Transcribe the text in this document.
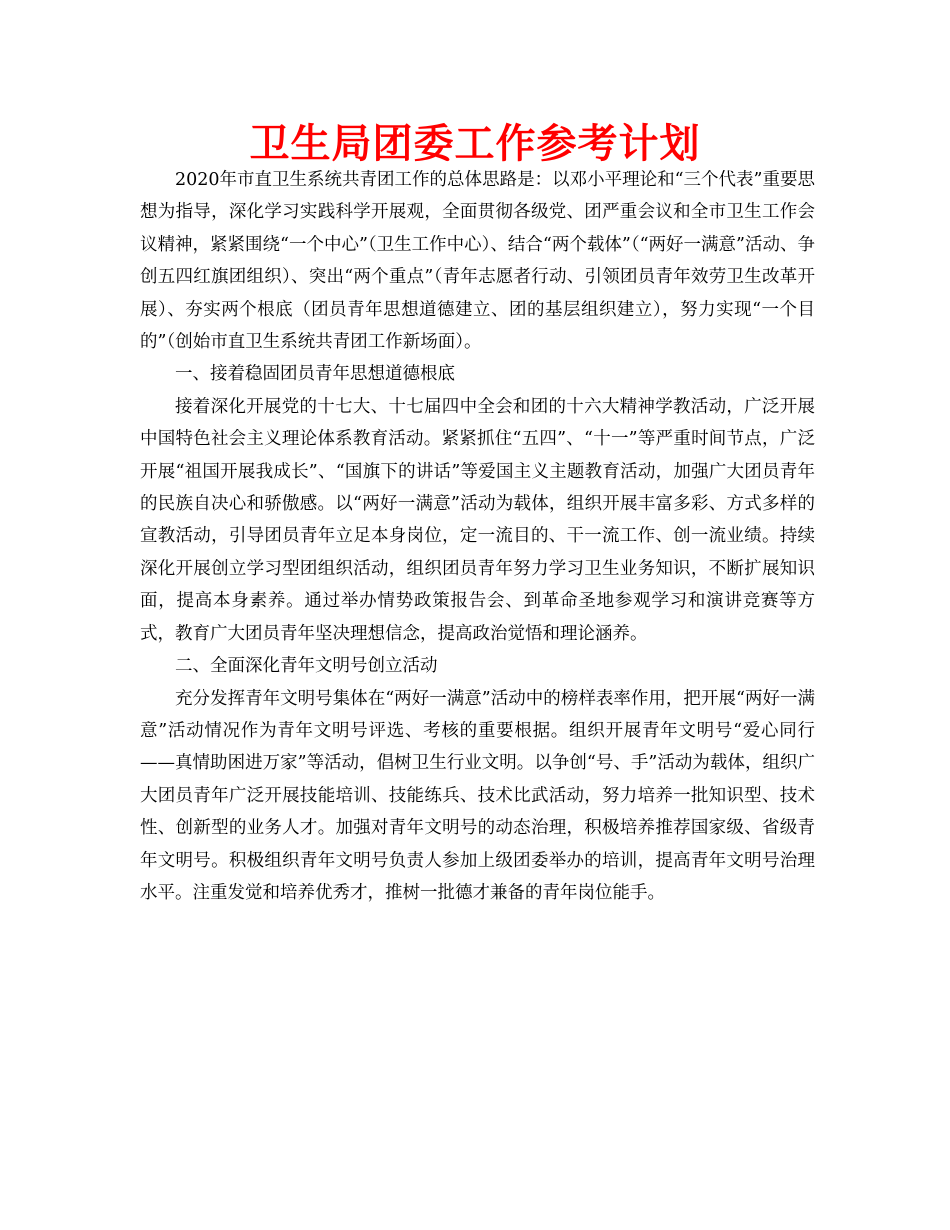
卫生局团委工作参考计划

2020年市直卫生系统共青团工作的总体思路是：以邓小平理论和“三个代表”重要思想为指导，深化学习实践科学开展观，全面贯彻各级党、团严重会议和全市卫生工作会议精神，紧紧围绕“一个中心”（卫生工作中心）、结合“两个载体”（“两好一满意”活动、争创五四红旗团组织）、突出“两个重点”（青年志愿者行动、引领团员青年效劳卫生改革开展）、夯实两个根底（团员青年思想道德建立、团的基层组织建立），努力实现“一个目的”（创始市直卫生系统共青团工作新场面）。

一、接着稳固团员青年思想道德根底

接着深化开展党的十七大、十七届四中全会和团的十六大精神学教活动，广泛开展中国特色社会主义理论体系教育活动。紧紧抓住“五四”、“十一”等严重时间节点，广泛开展“祖国开展我成长”、“国旗下的讲话”等爱国主义主题教育活动，加强广大团员青年的民族自决心和骄傲感。以“两好一满意”活动为载体，组织开展丰富多彩、方式多样的宣教活动，引导团员青年立足本身岗位，定一流目的、干一流工作、创一流业绩。持续深化开展创立学习型团组织活动，组织团员青年努力学习卫生业务知识，不断扩展知识面，提高本身素养。通过举办情势政策报告会、到革命圣地参观学习和演讲竞赛等方式，教育广大团员青年坚决理想信念，提高政治觉悟和理论涵养。

二、全面深化青年文明号创立活动

充分发挥青年文明号集体在“两好一满意”活动中的榜样表率作用，把开展“两好一满意”活动情况作为青年文明号评选、考核的重要根据。组织开展青年文明号“爱心同行——真情助困进万家”等活动，倡树卫生行业文明。以争创“号、手”活动为载体，组织广大团员青年广泛开展技能培训、技能练兵、技术比武活动，努力培养一批知识型、技术性、创新型的业务人才。加强对青年文明号的动态治理，积极培养推荐国家级、省级青年文明号。积极组织青年文明号负责人参加上级团委举办的培训，提高青年文明号治理水平。注重发觉和培养优秀才，推树一批德才兼备的青年岗位能手。
